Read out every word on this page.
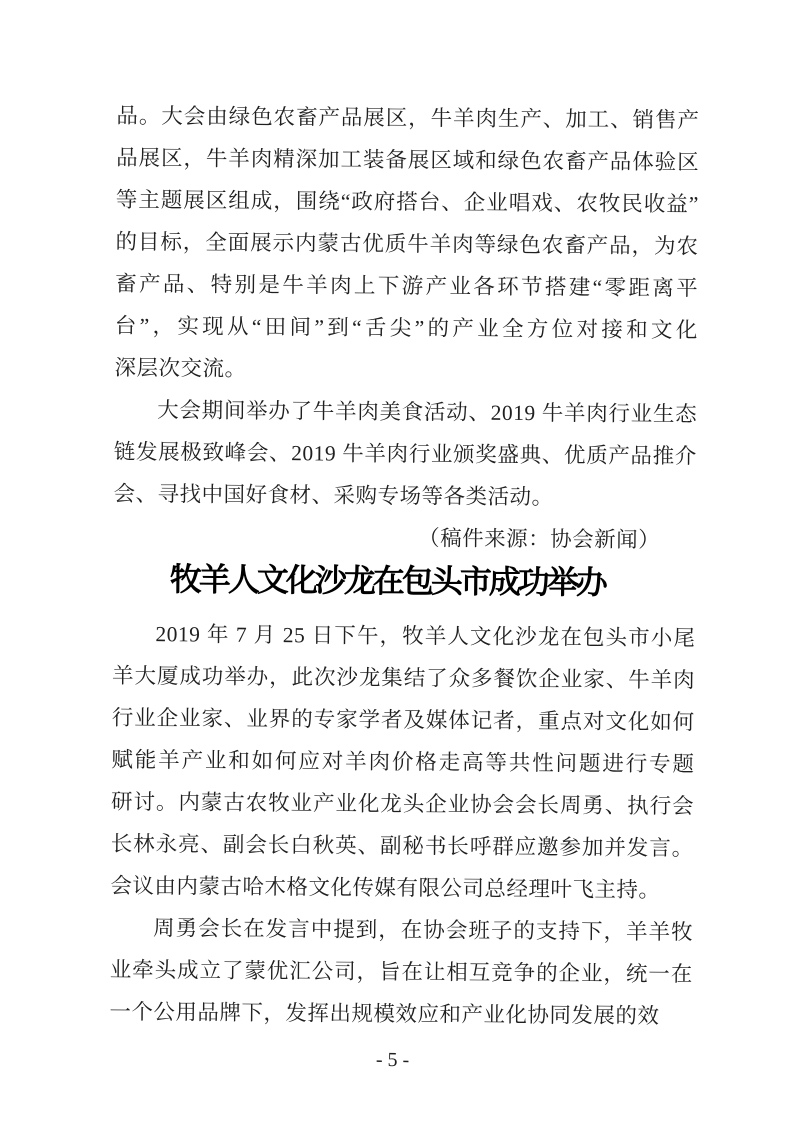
品。大会由绿色农畜产品展区，牛羊肉生产、加工、销售产
品展区，牛羊肉精深加工装备展区域和绿色农畜产品体验区
等主题展区组成，围绕“政府搭台、企业唱戏、农牧民收益”
的目标，全面展示内蒙古优质牛羊肉等绿色农畜产品，为农
畜产品、特别是牛羊肉上下游产业各环节搭建“零距离平
台”，实现从“田间”到“舌尖”的产业全方位对接和文化
深层次交流。
大会期间举办了牛羊肉美食活动、2019 牛羊肉行业生态
链发展极致峰会、2019 牛羊肉行业颁奖盛典、优质产品推介
会、寻找中国好食材、采购专场等各类活动。
（稿件来源：协会新闻）
牧羊人文化沙龙在包头市成功举办
2019 年 7 月 25 日下午，牧羊人文化沙龙在包头市小尾
羊大厦成功举办，此次沙龙集结了众多餐饮企业家、牛羊肉
行业企业家、业界的专家学者及媒体记者，重点对文化如何
赋能羊产业和如何应对羊肉价格走高等共性问题进行专题
研讨。内蒙古农牧业产业化龙头企业协会会长周勇、执行会
长林永亮、副会长白秋英、副秘书长呼群应邀参加并发言。
会议由内蒙古哈木格文化传媒有限公司总经理叶飞主持。
周勇会长在发言中提到，在协会班子的支持下，羊羊牧
业牵头成立了蒙优汇公司，旨在让相互竞争的企业，统一在
一个公用品牌下，发挥出规模效应和产业化协同发展的效
- 5 -
